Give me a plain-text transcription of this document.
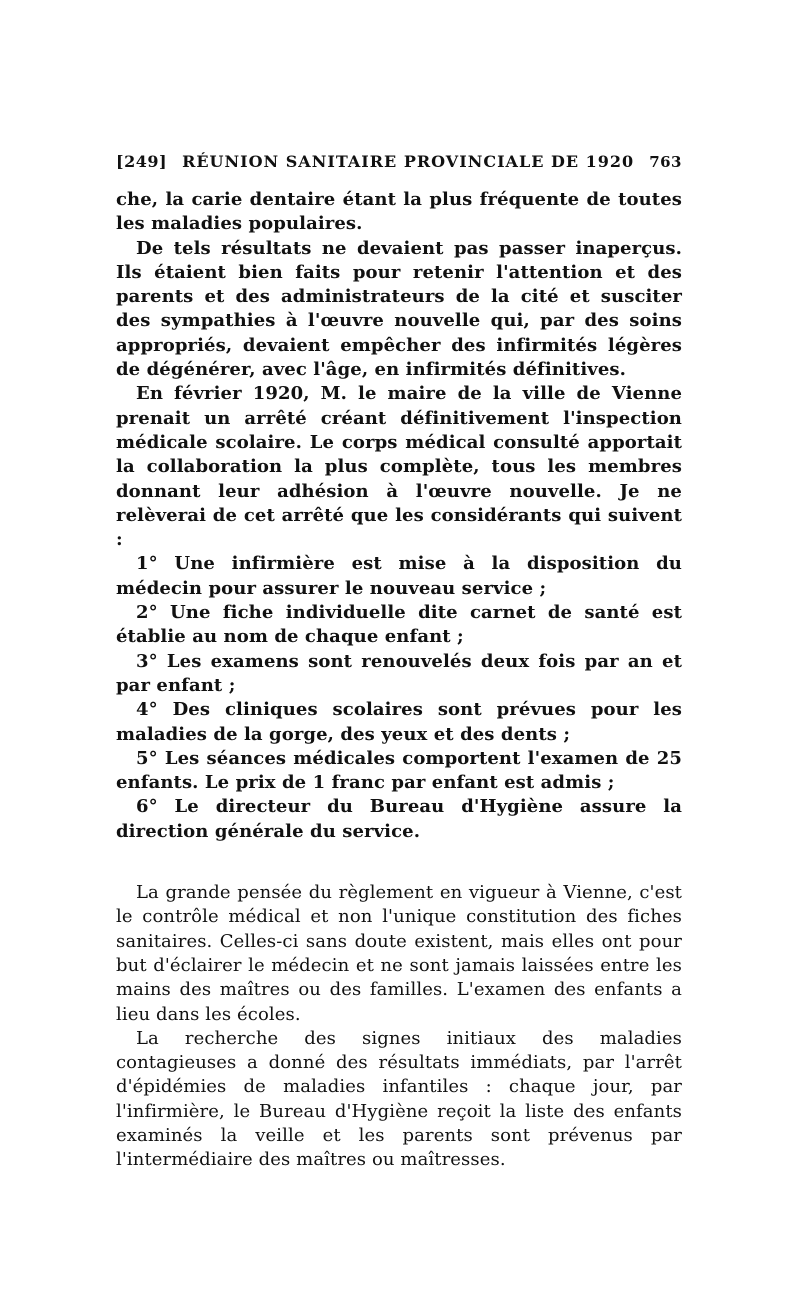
[249] RÉUNION SANITAIRE PROVINCIALE DE 1920	763

che, la carie dentaire étant la plus fréquente de toutes les maladies populaires.

De tels résultats ne devaient pas passer inaperçus. Ils étaient bien faits pour retenir l'attention et des parents et des administrateurs de la cité et susciter des sympathies à l'œuvre nouvelle qui, par des soins appropriés, devaient empêcher des infirmités légères de dégénérer, avec l'âge, en infirmités définitives.

En février 1920, M. le maire de la ville de Vienne prenait un arrêté créant définitivement l'inspection médicale scolaire. Le corps médical consulté apportait la collaboration la plus complète, tous les membres donnant leur adhésion à l'œuvre nouvelle. Je ne relèverai de cet arrêté que les considérants qui suivent :

1° Une infirmière est mise à la disposition du médecin pour assurer le nouveau service ;

2° Une fiche individuelle dite carnet de santé est établie au nom de chaque enfant ;

3° Les examens sont renouvelés deux fois par an et par enfant ;

4° Des cliniques scolaires sont prévues pour les maladies de la gorge, des yeux et des dents ;

5° Les séances médicales comportent l'examen de 25 enfants. Le prix de 1 franc par enfant est admis ;

6° Le directeur du Bureau d'Hygiène assure la direction générale du service.

La grande pensée du règlement en vigueur à Vienne, c'est le contrôle médical et non l'unique constitution des fiches sanitaires. Celles-ci sans doute existent, mais elles ont pour but d'éclairer le médecin et ne sont jamais laissées entre les mains des maîtres ou des familles. L'examen des enfants a lieu dans les écoles.

La recherche des signes initiaux des maladies contagieuses a donné des résultats immédiats, par l'arrêt d'épidémies de maladies infantiles : chaque jour, par l'infirmière, le Bureau d'Hygiène reçoit la liste des enfants examinés la veille et les parents sont prévenus par l'intermédiaire des maîtres ou maîtresses.
